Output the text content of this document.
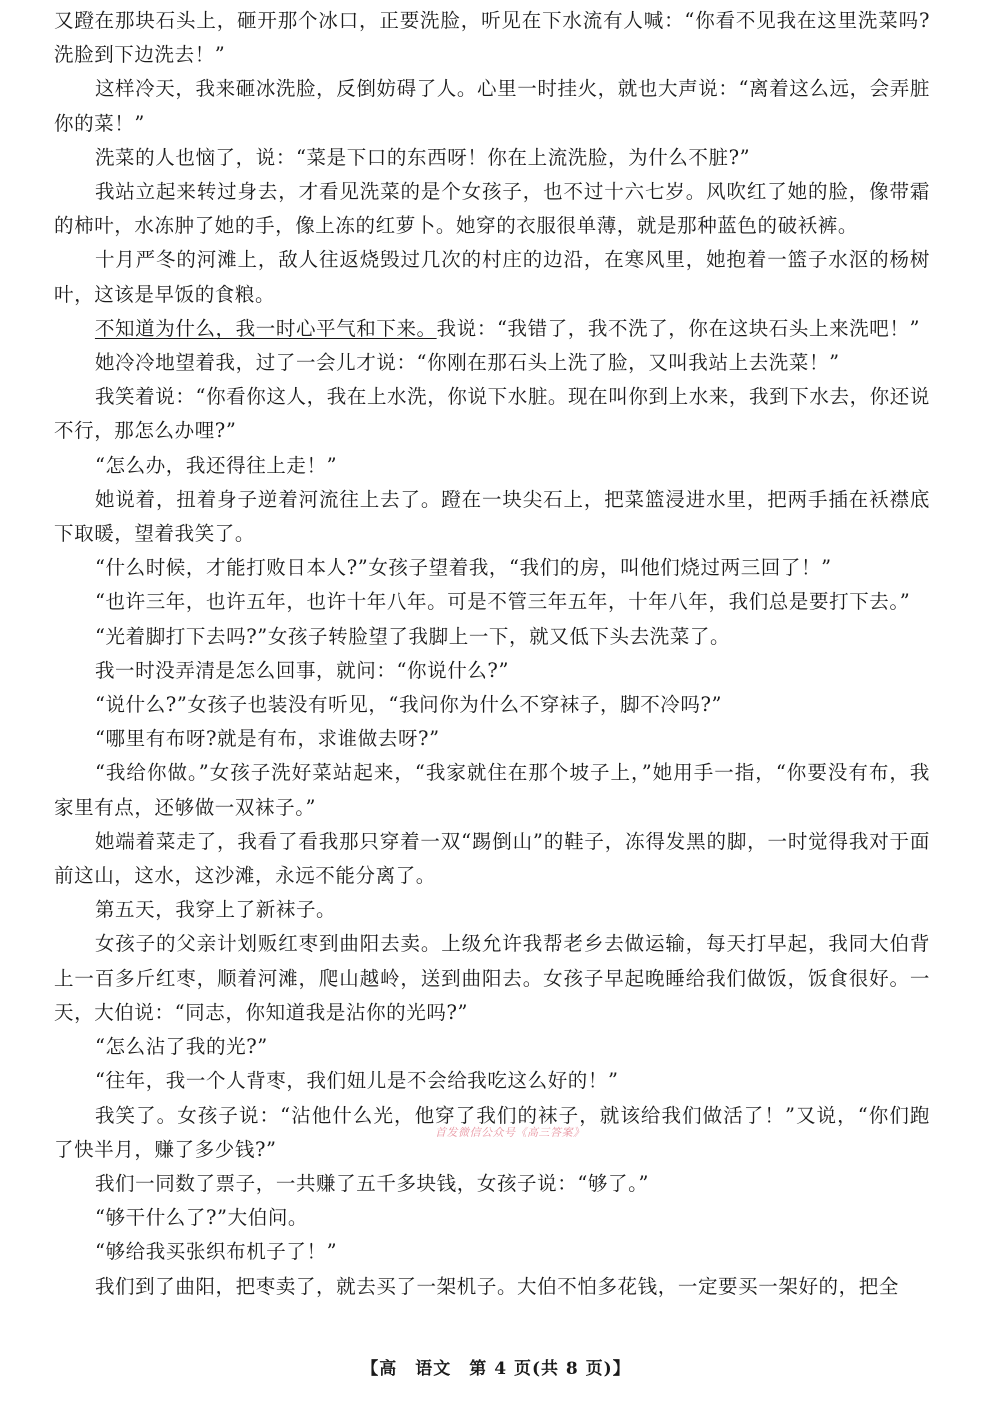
又蹬在那块石头上，砸开那个冰口，正要洗脸，听见在下水流有人喊：“你看不见我在这里洗菜吗?洗脸到下边洗去！”

这样冷天，我来砸冰洗脸，反倒妨碍了人。心里一时挂火，就也大声说：“离着这么远，会弄脏你的菜！”

洗菜的人也恼了，说：“菜是下口的东西呀！你在上流洗脸，为什么不脏?”

我站立起来转过身去，才看见洗菜的是个女孩子，也不过十六七岁。风吹红了她的脸，像带霜的柿叶，水冻肿了她的手，像上冻的红萝卜。她穿的衣服很单薄，就是那种蓝色的破袄裤。

十月严冬的河滩上，敌人往返烧毁过几次的村庄的边沿，在寒风里，她抱着一篮子水沤的杨树叶，这该是早饭的食粮。

不知道为什么，我一时心平气和下来。我说：“我错了，我不洗了，你在这块石头上来洗吧！”

她冷冷地望着我，过了一会儿才说：“你刚在那石头上洗了脸，又叫我站上去洗菜！”

我笑着说：“你看你这人，我在上水洗，你说下水脏。现在叫你到上水来，我到下水去，你还说不行，那怎么办哩?”

“怎么办，我还得往上走！”

她说着，扭着身子逆着河流往上去了。蹬在一块尖石上，把菜篮浸进水里，把两手插在袄襟底下取暖，望着我笑了。

“什么时候，才能打败日本人?”女孩子望着我，“我们的房，叫他们烧过两三回了！”

“也许三年，也许五年，也许十年八年。可是不管三年五年，十年八年，我们总是要打下去。”

“光着脚打下去吗?”女孩子转脸望了我脚上一下，就又低下头去洗菜了。

我一时没弄清是怎么回事，就问：“你说什么?”

“说什么?”女孩子也装没有听见，“我问你为什么不穿袜子，脚不冷吗?”

“哪里有布呀?就是有布，求谁做去呀?”

“我给你做。”女孩子洗好菜站起来，“我家就住在那个坡子上，”她用手一指，“你要没有布，我家里有点，还够做一双袜子。”

她端着菜走了，我看了看我那只穿着一双“踢倒山”的鞋子，冻得发黑的脚，一时觉得我对于面前这山，这水，这沙滩，永远不能分离了。

第五天，我穿上了新袜子。

女孩子的父亲计划贩红枣到曲阳去卖。上级允许我帮老乡去做运输，每天打早起，我同大伯背上一百多斤红枣，顺着河滩，爬山越岭，送到曲阳去。女孩子早起晚睡给我们做饭，饭食很好。一天，大伯说：“同志，你知道我是沾你的光吗?”

“怎么沾了我的光?”

“往年，我一个人背枣，我们妞儿是不会给我吃这么好的！”

我笑了。女孩子说：“沾他什么光，他穿了我们的袜子，就该给我们做活了！”又说，“你们跑了快半月，赚了多少钱?”

我们一同数了票子，一共赚了五千多块钱，女孩子说：“够了。”

“够干什么了?”大伯问。

“够给我买张织布机子了！”

我们到了曲阳，把枣卖了，就去买了一架机子。大伯不怕多花钱，一定要买一架好的，把全

首发微信公众号《高三答案》
【高　语文　第 4 页(共 8 页)】
